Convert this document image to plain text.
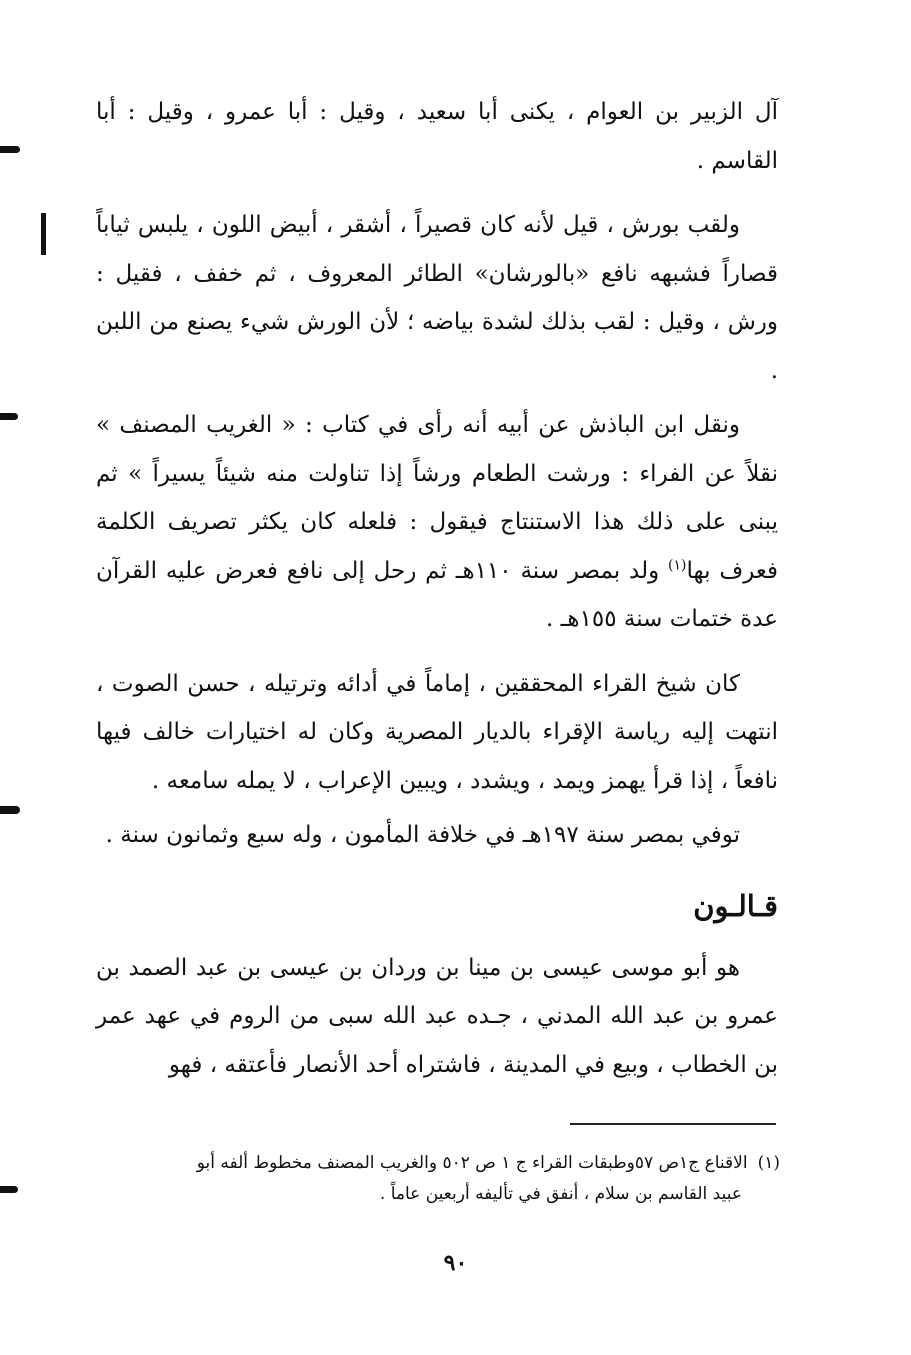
آل الزبير بن العوام ، يكنى أبا سعيد ، وقيل : أبا عمرو ، وقيل : أبا القاسم .

ولقب بورش ، قيل لأنه كان قصيراً ، أشقر ، أبيض اللون ، يلبس ثياباً قصاراً فشبهه نافع «بالورشان» الطائر المعروف ، ثم خفف ، فقيل : ورش ، وقيل : لقب بذلك لشدة بياضه ؛ لأن الورش شيء يصنع من اللبن .

ونقل ابن الباذش عن أبيه أنه رأى في كتاب : « الغريب المصنف » نقلاً عن الفراء : ورشت الطعام ورشاً إذا تناولت منه شيئاً يسيراً » ثم يبنى على ذلك هذا الاستنتاج فيقول : فلعله كان يكثر تصريف الكلمة فعرف بها$^{(١)}$ ولد بمصر سنة ١١٠هـ ثم رحل إلى نافع فعرض عليه القرآن عدة ختمات سنة ١٥٥هـ .

كان شيخ القراء المحققين ، إماماً في أدائه وترتيله ، حسن الصوت ، انتهت إليه رياسة الإقراء بالديار المصرية وكان له اختيارات خالف فيها نافعاً ، إذا قرأ يهمز ويمد ، ويشدد ، ويبين الإعراب ، لا يمله سامعه .

توفي بمصر سنة ١٩٧هـ في خلافة المأمون ، وله سبع وثمانون سنة .

قـالـون

هو أبو موسى عيسى بن مينا بن وردان بن عيسى بن عبد الصمد بن عمرو بن عبد الله المدني ، جـده عبد الله سبى من الروم في عهد عمر بن الخطاب ، وبيع في المدينة ، فاشتراه أحد الأنصار فأعتقه ، فهو

(١)الاقناع ج١ص ٥٧وطبقات القراء ج ١ ص ٥٠٢ والغريب المصنف مخطوط ألفه أبو
عبيد القاسم بن سلام ، أنفق في تأليفه أربعين عاماً .
٩٠
